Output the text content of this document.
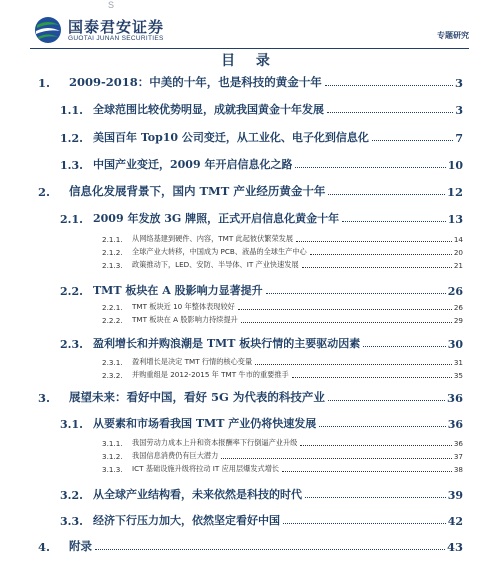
S
国泰君安证券
GUOTAI JUNAN SECURITIES	专题研究
目 录
1.	2009-2018：中美的十年，也是科技的黄金十年	3
1.1. 全球范围比较优势明显，成就我国黄金十年发展	3
1.2. 美国百年 Top10 公司变迁，从工业化、电子化到信息化	7
1.3. 中国产业变迁，2009 年开启信息化之路	10
2.	信息化发展背景下，国内 TMT 产业经历黄金十年	12
2.1. 2009 年发放 3G 牌照，正式开启信息化黄金十年	13
2.1.1.	从网络基建到硬件、内容，TMT 此起彼伏繁荣发展	14
2.1.2.	全球产业大转移，中国成为 PCB、液晶的全球生产中心	20
2.1.3.	政策推动下，LED、安防、半导体、IT 产业快速发展	21
2.2. TMT 板块在 A 股影响力显著提升	26
2.2.1.	TMT 板块近 10 年整体表现较好	26
2.2.2.	TMT 板块在 A 股影响力持续提升	29
2.3. 盈利增长和并购浪潮是 TMT 板块行情的主要驱动因素	30
2.3.1.	盈利增长是决定 TMT 行情的核心变量	31
2.3.2.	并购重组是 2012-2015 年 TMT 牛市的重要推手	35
3.	展望未来：看好中国，看好 5G 为代表的科技产业	36
3.1. 从要素和市场看我国 TMT 产业仍将快速发展	36
3.1.1.	我国劳动力成本上升和资本报酬率下行倒逼产业升级	36
3.1.2.	我国信息消费仍有巨大潜力	37
3.1.3.	ICT 基础设施升级将拉动 IT 应用层爆发式增长	38
3.2. 从全球产业结构看，未来依然是科技的时代	39
3.3. 经济下行压力加大，依然坚定看好中国	42
4.	附录	43
